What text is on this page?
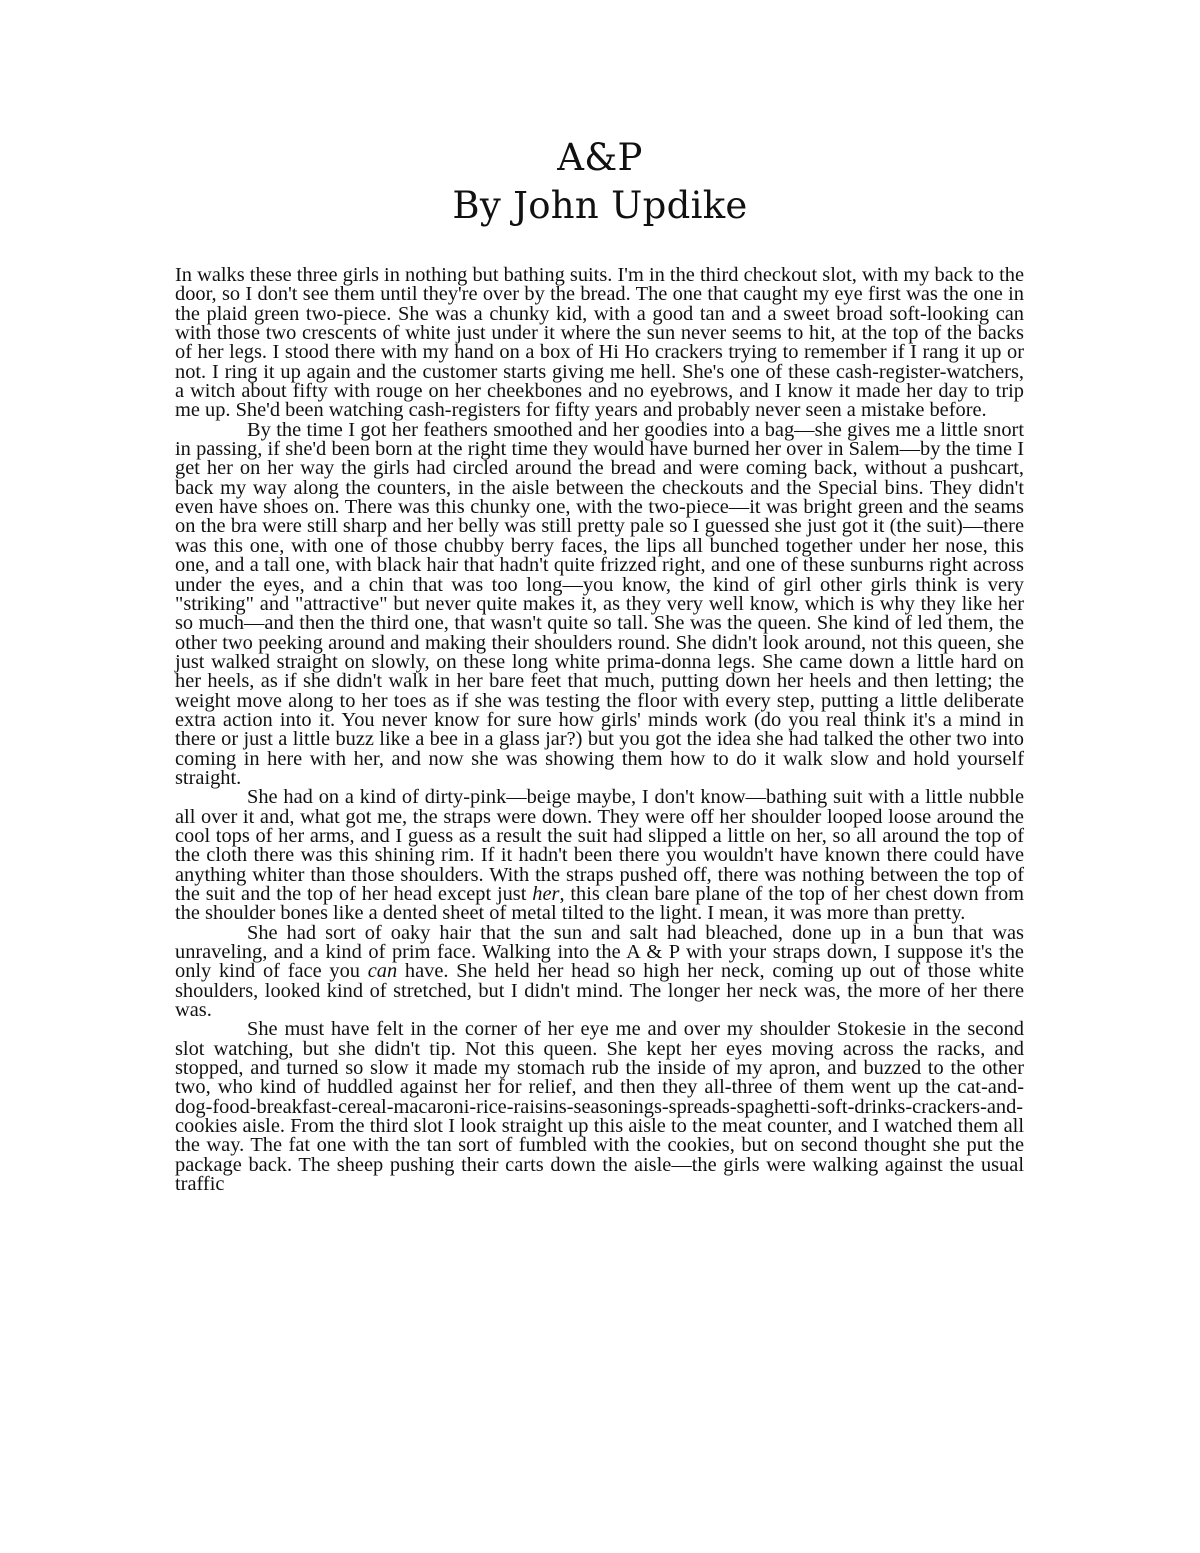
A&P
By John Updike

In walks these three girls in nothing but bathing suits. I'm in the third checkout slot, with my back to the door, so I don't see them until they're over by the bread. The one that caught my eye first was the one in the plaid green two-piece. She was a chunky kid, with a good tan and a sweet broad soft-looking can with those two crescents of white just under it where the sun never seems to hit, at the top of the backs of her legs. I stood there with my hand on a box of Hi Ho crackers trying to remember if I rang it up or not. I ring it up again and the customer starts giving me hell. She's one of these cash-register-watchers, a witch about fifty with rouge on her cheekbones and no eyebrows, and I know it made her day to trip me up. She'd been watching cash-registers for fifty years and probably never seen a mistake before.

By the time I got her feathers smoothed and her goodies into a bag—she gives me a little snort in passing, if she'd been born at the right time they would have burned her over in Salem—by the time I get her on her way the girls had circled around the bread and were coming back, without a pushcart, back my way along the counters, in the aisle between the checkouts and the Special bins. They didn't even have shoes on. There was this chunky one, with the two-piece—it was bright green and the seams on the bra were still sharp and her belly was still pretty pale so I guessed she just got it (the suit)—there was this one, with one of those chubby berry faces, the lips all bunched together under her nose, this one, and a tall one, with black hair that hadn't quite frizzed right, and one of these sunburns right across under the eyes, and a chin that was too long—you know, the kind of girl other girls think is very "striking" and "attractive" but never quite makes it, as they very well know, which is why they like her so much—and then the third one, that wasn't quite so tall. She was the queen. She kind of led them, the other two peeking around and making their shoulders round. She didn't look around, not this queen, she just walked straight on slowly, on these long white prima-donna legs. She came down a little hard on her heels, as if she didn't walk in her bare feet that much, putting down her heels and then letting; the weight move along to her toes as if she was testing the floor with every step, putting a little deliberate extra action into it. You never know for sure how girls' minds work (do you real think it's a mind in there or just a little buzz like a bee in a glass jar?) but you got the idea she had talked the other two into coming in here with her, and now she was showing them how to do it walk slow and hold yourself straight.

She had on a kind of dirty-pink—beige maybe, I don't know—bathing suit with a little nubble all over it and, what got me, the straps were down. They were off her shoulder looped loose around the cool tops of her arms, and I guess as a result the suit had slipped a little on her, so all around the top of the cloth there was this shining rim. If it hadn't been there you wouldn't have known there could have anything whiter than those shoulders. With the straps pushed off, there was nothing between the top of the suit and the top of her head except just her, this clean bare plane of the top of her chest down from the shoulder bones like a dented sheet of metal tilted to the light. I mean, it was more than pretty.

She had sort of oaky hair that the sun and salt had bleached, done up in a bun that was unraveling, and a kind of prim face. Walking into the A & P with your straps down, I suppose it's the only kind of face you can have. She held her head so high her neck, coming up out of those white shoulders, looked kind of stretched, but I didn't mind. The longer her neck was, the more of her there was.

She must have felt in the corner of her eye me and over my shoulder Stokesie in the second slot watching, but she didn't tip. Not this queen. She kept her eyes moving across the racks, and stopped, and turned so slow it made my stomach rub the inside of my apron, and buzzed to the other two, who kind of huddled against her for relief, and then they all-three of them went up the cat-and-dog-food-breakfast-cereal-macaroni-rice-raisins-seasonings-spreads-spaghetti-soft-drinks-crackers-and-cookies aisle. From the third slot I look straight up this aisle to the meat counter, and I watched them all the way. The fat one with the tan sort of fumbled with the cookies, but on second thought she put the package back. The sheep pushing their carts down the aisle—the girls were walking against the usual traffic
